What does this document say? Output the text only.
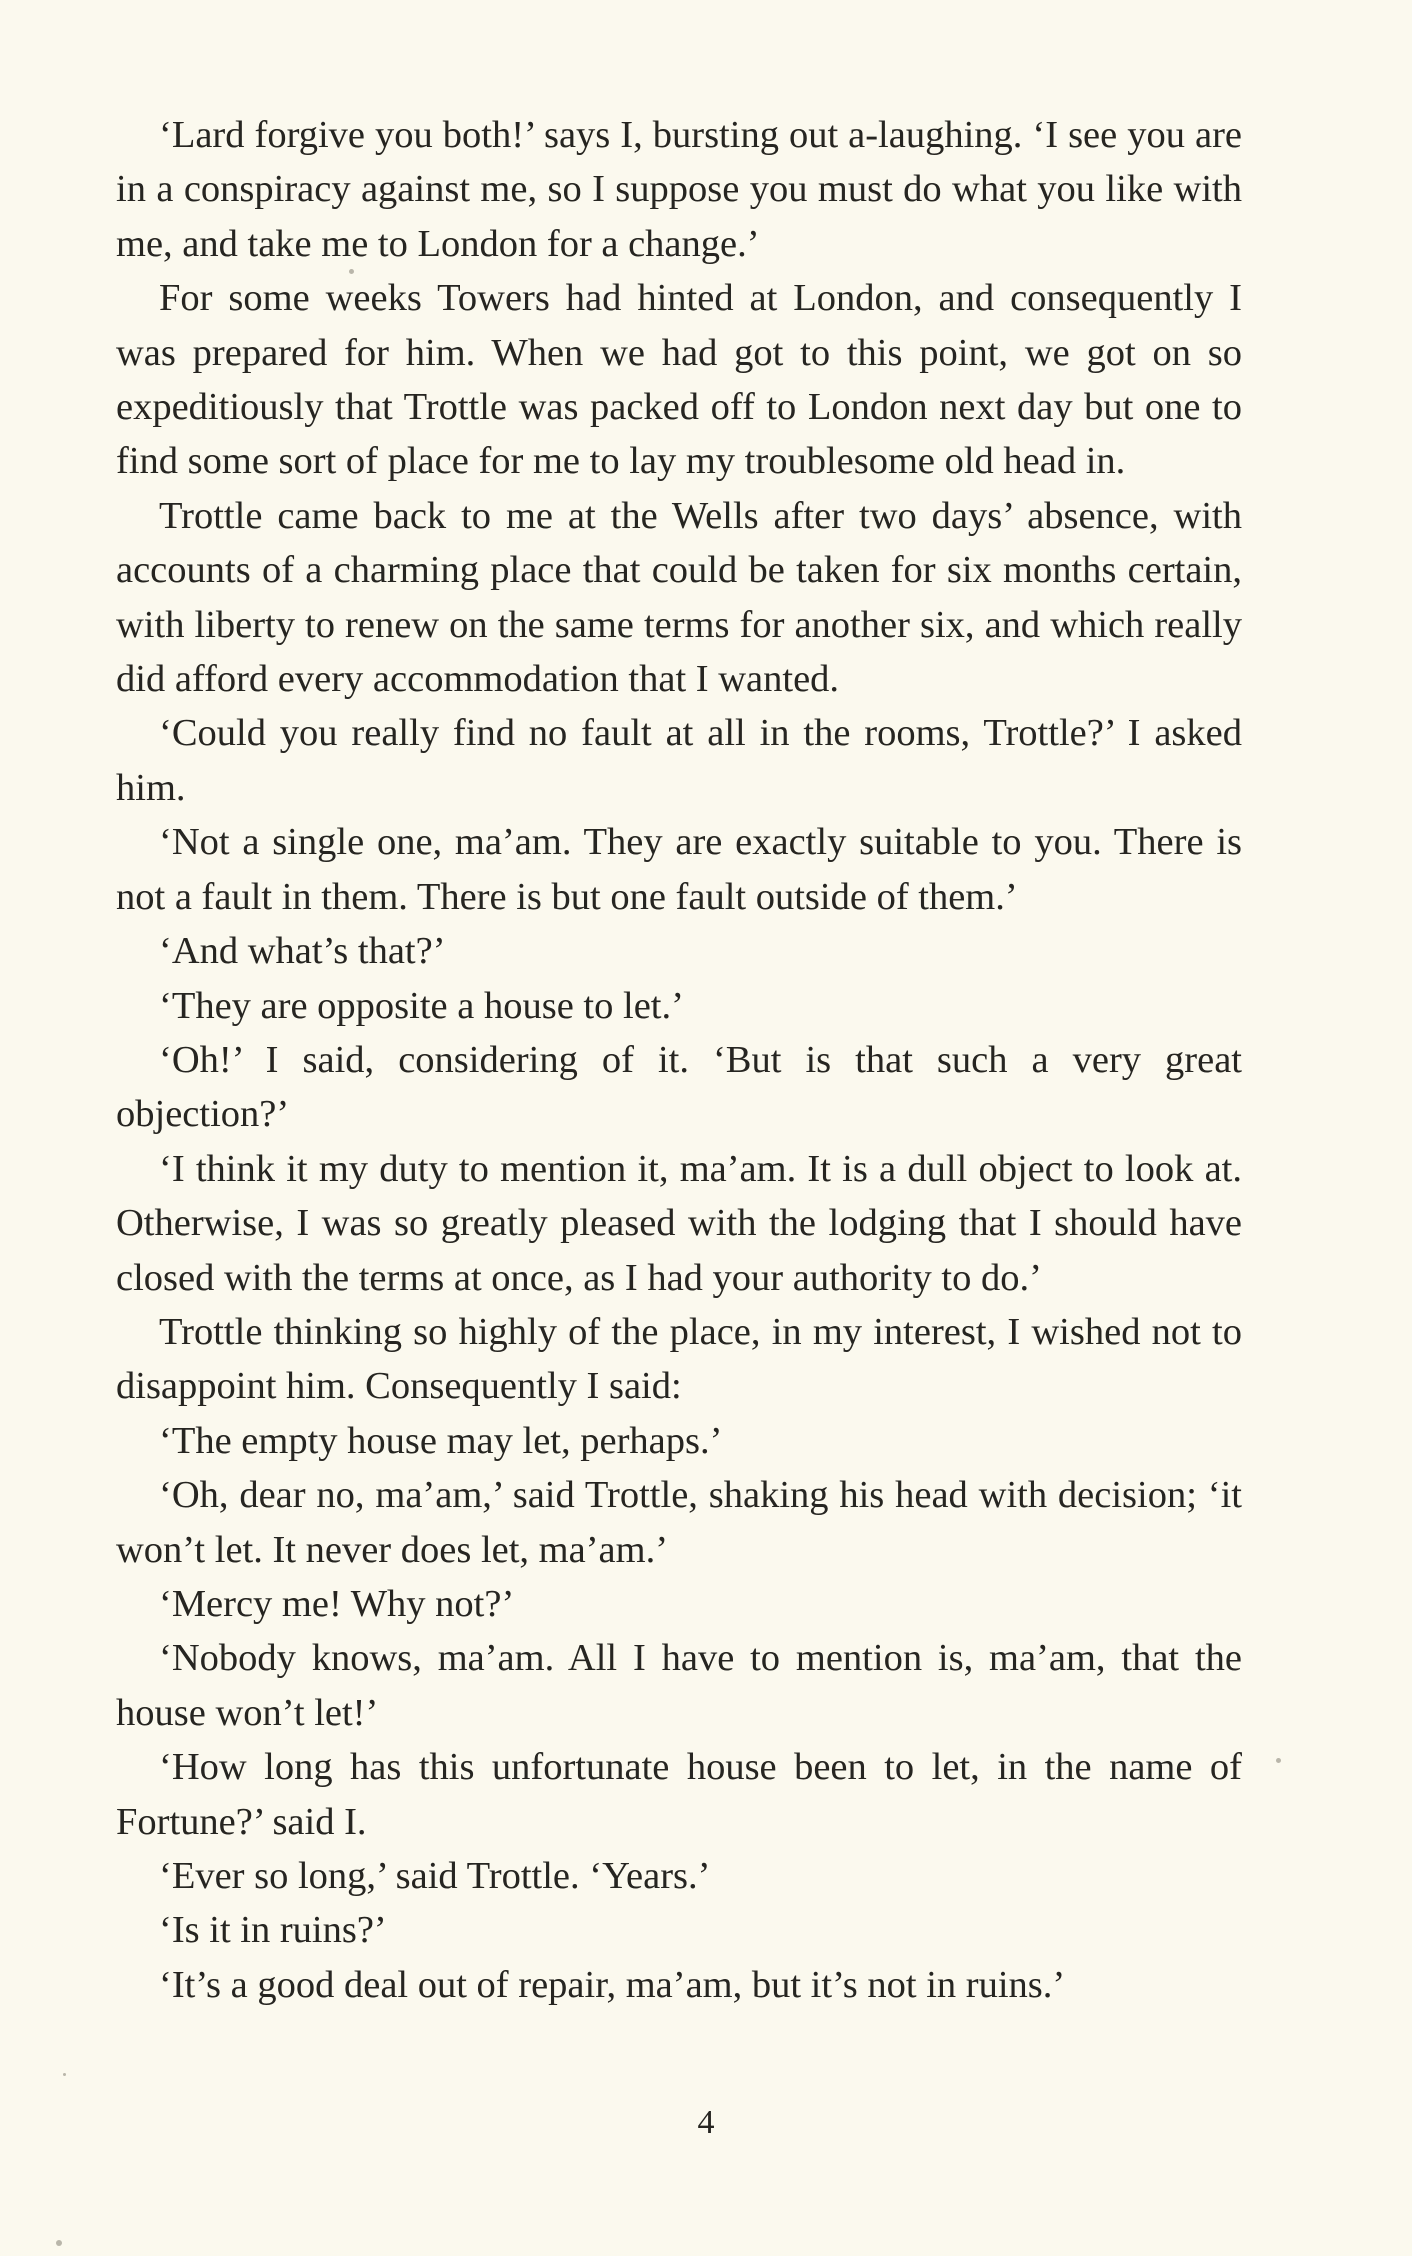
‘Lard forgive you both!’ says I, bursting out a-laughing. ‘I see you are in a conspiracy against me, so I suppose you must do what you like with me, and take me to London for a change.’

For some weeks Towers had hinted at London, and consequently I was prepared for him. When we had got to this point, we got on so expeditiously that Trottle was packed off to London next day but one to find some sort of place for me to lay my troublesome old head in.

Trottle came back to me at the Wells after two days’ absence, with accounts of a charming place that could be taken for six months certain, with liberty to renew on the same terms for another six, and which really did afford every accommodation that I wanted.

‘Could you really find no fault at all in the rooms, Trottle?’ I asked him.

‘Not a single one, ma’am. They are exactly suitable to you. There is not a fault in them. There is but one fault outside of them.’

‘And what’s that?’

‘They are opposite a house to let.’

‘Oh!’ I said, considering of it. ‘But is that such a very great objection?’

‘I think it my duty to mention it, ma’am. It is a dull object to look at. Otherwise, I was so greatly pleased with the lodging that I should have closed with the terms at once, as I had your authority to do.’

Trottle thinking so highly of the place, in my interest, I wished not to disappoint him. Consequently I said:

‘The empty house may let, perhaps.’

‘Oh, dear no, ma’am,’ said Trottle, shaking his head with decision; ‘it won’t let. It never does let, ma’am.’

‘Mercy me! Why not?’

‘Nobody knows, ma’am. All I have to mention is, ma’am, that the house won’t let!’

‘How long has this unfortunate house been to let, in the name of Fortune?’ said I.

‘Ever so long,’ said Trottle. ‘Years.’

‘Is it in ruins?’

‘It’s a good deal out of repair, ma’am, but it’s not in ruins.’

4
